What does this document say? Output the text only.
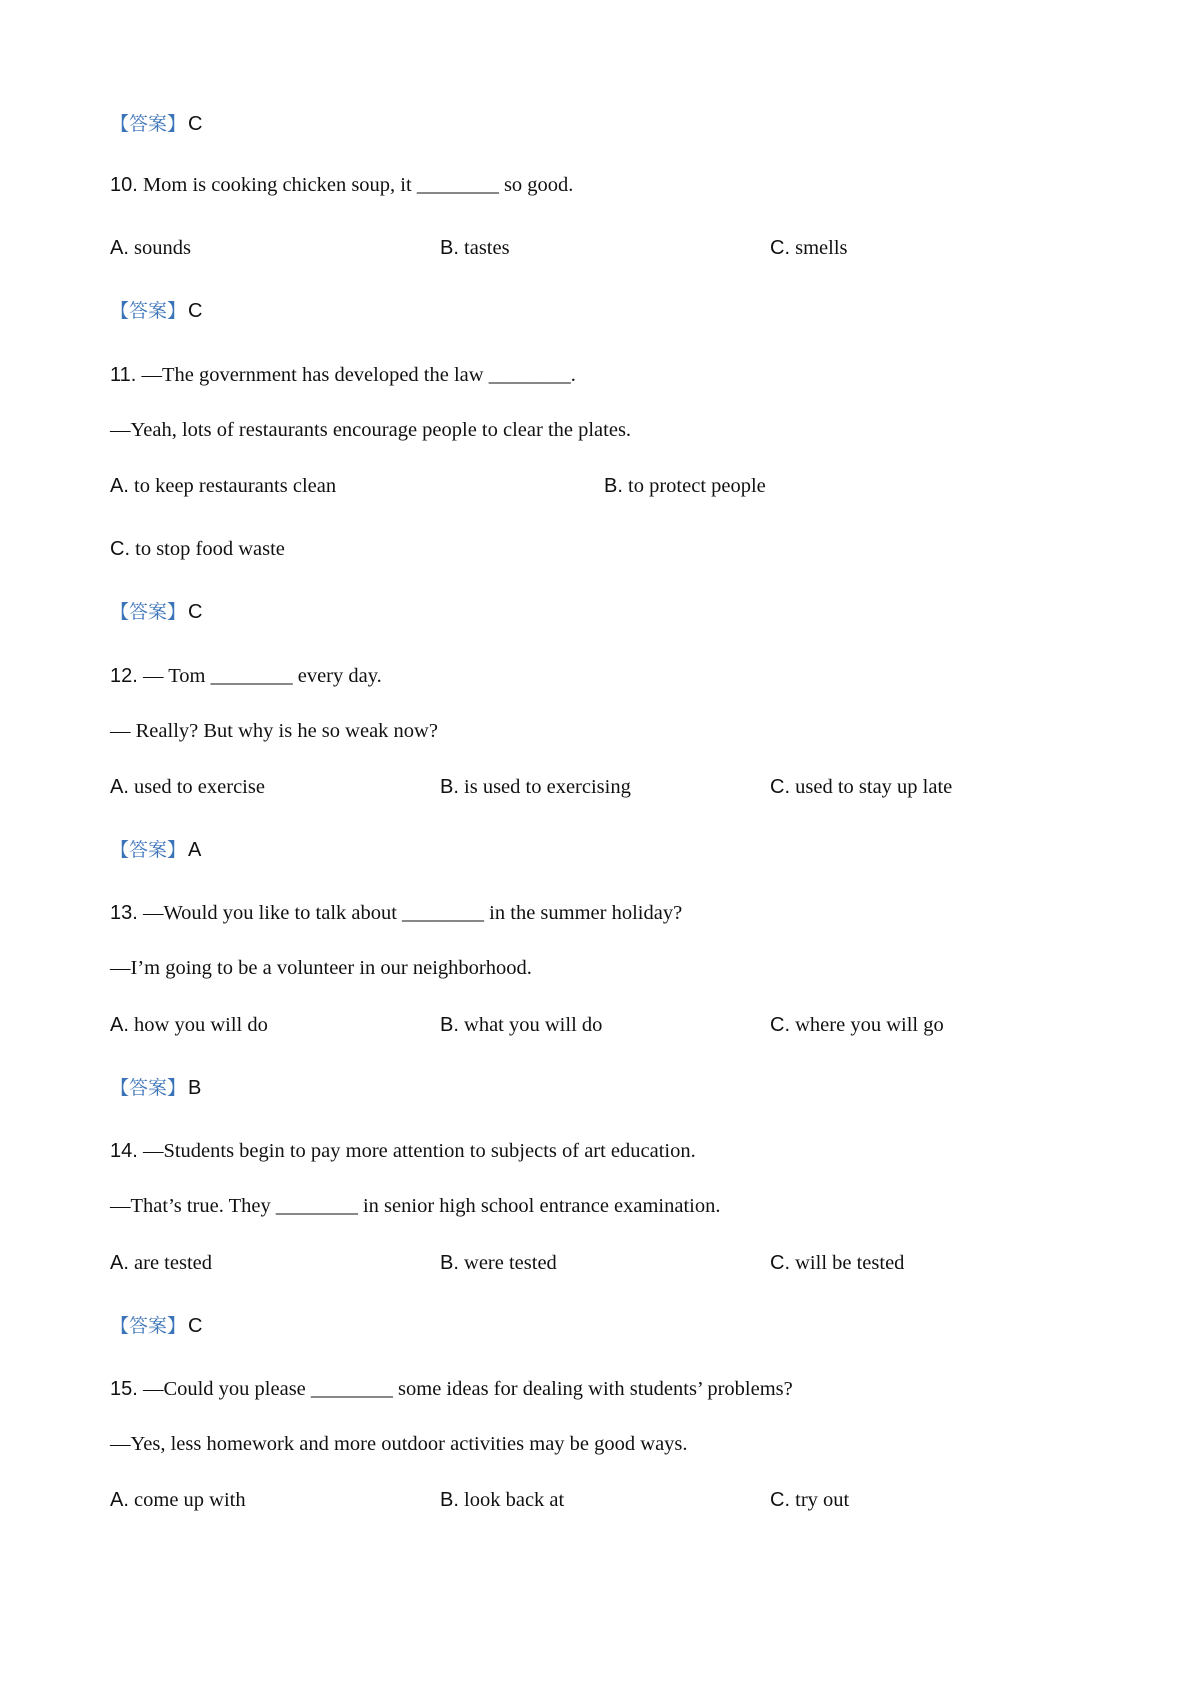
【答案】 C
10. Mom is cooking chicken soup, it ________ so good.
A. sounds	B. tastes	C. smells
【答案】 C
11. —The government has developed the law ________.
—Yeah, lots of restaurants encourage people to clear the plates.
A. to keep restaurants clean	B. to protect people
C. to stop food waste
【答案】 C
12. — Tom ________ every day.
— Really? But why is he so weak now?
A. used to exercise	B. is used to exercising	C. used to stay up late
【答案】 A
13. —Would you like to talk about ________ in the summer holiday?
—I’m going to be a volunteer in our neighborhood.
A. how you will do	B. what you will do	C. where you will go
【答案】 B
14. —Students begin to pay more attention to subjects of art education.
—That’s true. They ________ in senior high school entrance examination.
A. are tested	B. were tested	C. will be tested
【答案】 C
15. —Could you please ________ some ideas for dealing with students’ problems?
—Yes, less homework and more outdoor activities may be good ways.
A. come up with	B. look back at	C. try out
